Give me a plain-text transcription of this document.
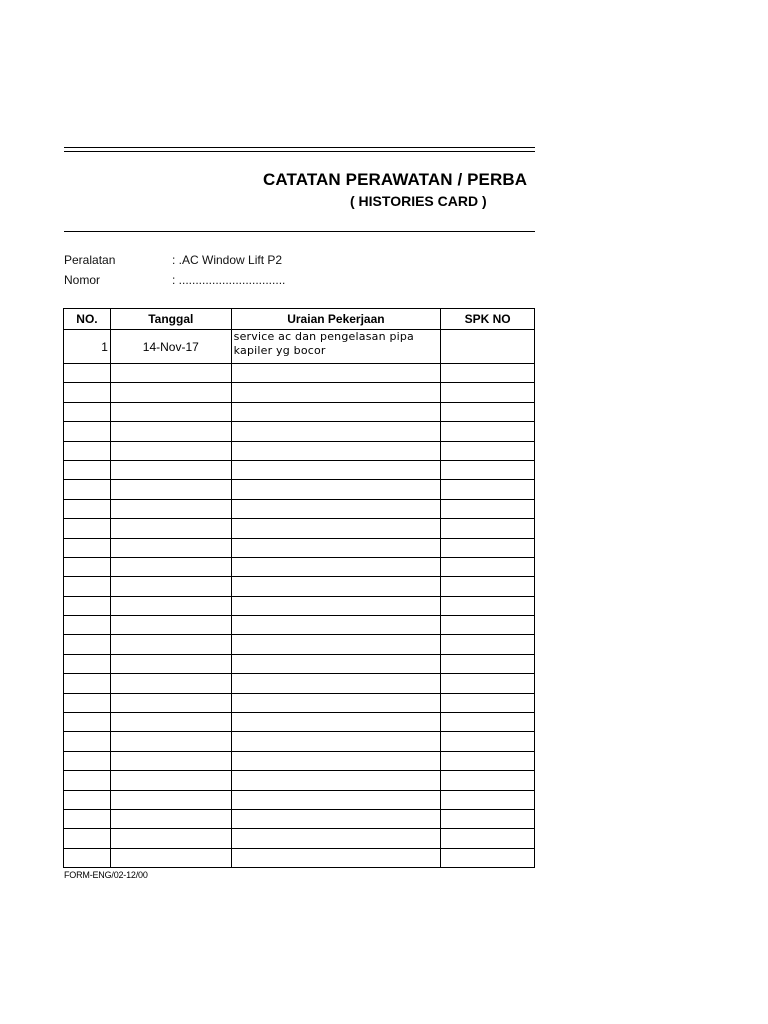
CATATAN PERAWATAN / PERBA
( HISTORIES CARD )
Peralatan	: .AC Window Lift P2
Nomor	: ................................
NO.	Tanggal	Uraian Pekerjaan	SPK NO
1	14-Nov-17	service ac dan pengelasan pipa
kapiler yg bocor	

FORM-ENG/02-12/00
